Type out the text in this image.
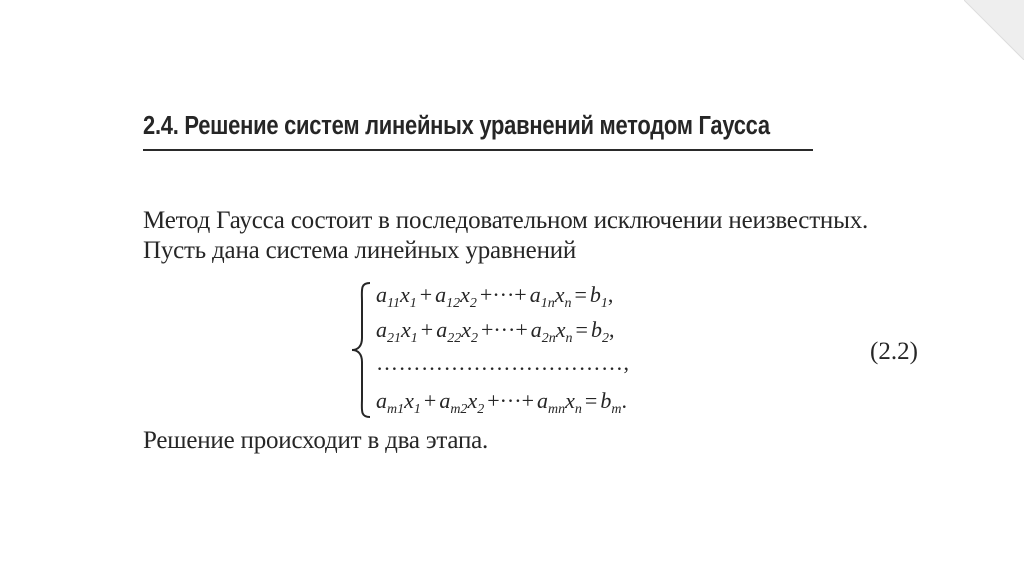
2.4. Решение систем линейных уравнений методом Гаусса
Метод Гаусса состоит в последовательном исключении неизвестных.
Пусть дана система линейных уравнений
$a_{11}x_1 + a_{12}x_2$ +···+ $a_{1n}x_n = b_1$,
$a_{21}x_1 + a_{22}x_2$ +···+ $a_{2n}x_n = b_2$,
……………………………,
$a_{m1}x_1 + a_{m2}x_2$ +···+ $a_{mn}x_n = b_m$.
(2.2)
Решение происходит в два этапа.
